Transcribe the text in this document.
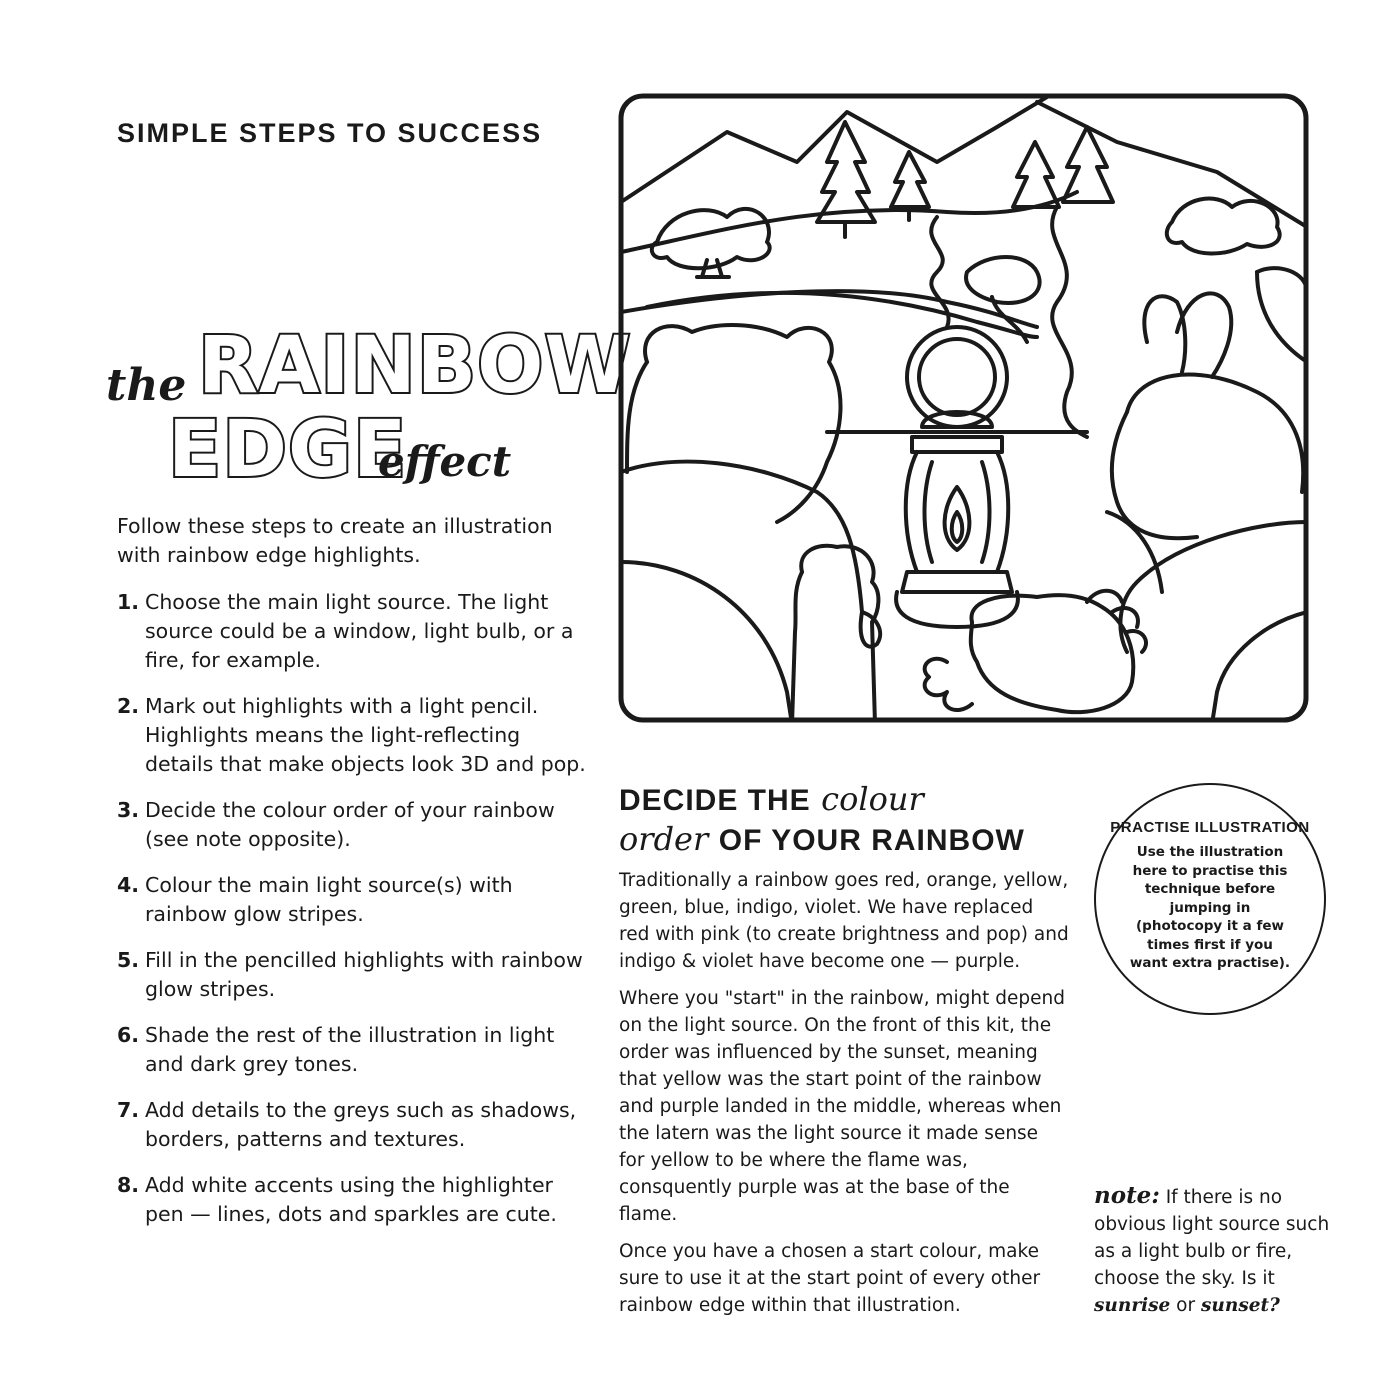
SIMPLE STEPS TO SUCCESS
the RAINBOW
EDGE
effect
Follow these steps to create an illustration with rainbow edge highlights.
1. Choose the main light source. The light source could be a window, light bulb, or a fire, for example.
2. Mark out highlights with a light pencil. Highlights means the light-reflecting details that make objects look 3D and pop.
3. Decide the colour order of your rainbow (see note opposite).
4. Colour the main light source(s) with rainbow glow stripes.
5. Fill in the pencilled highlights with rainbow glow stripes.
6. Shade the rest of the illustration in light and dark grey tones.
7. Add details to the greys such as shadows, borders, patterns and textures.
8. Add white accents using the highlighter pen — lines, dots and sparkles are cute.
DECIDE THE colour
order OF YOUR RAINBOW
Traditionally a rainbow goes red, orange, yellow, green, blue, indigo, violet. We have replaced red with pink (to create brightness and pop) and indigo & violet have become one — purple.
Where you "start" in the rainbow, might depend on the light source. On the front of this kit, the order was influenced by the sunset, meaning that yellow was the start point of the rainbow and purple landed in the middle, whereas when the latern was the light source it made sense for yellow to be where the flame was, consquently purple was at the base of the flame.
Once you have a chosen a start colour, make sure to use it at the start point of every other rainbow edge within that illustration.
PRACTISE ILLUSTRATION
Use the illustration here to practise this technique before jumping in (photocopy it a few times first if you want extra practise).
note: If there is no obvious light source such as a light bulb or fire, choose the sky. Is it sunrise or sunset?
